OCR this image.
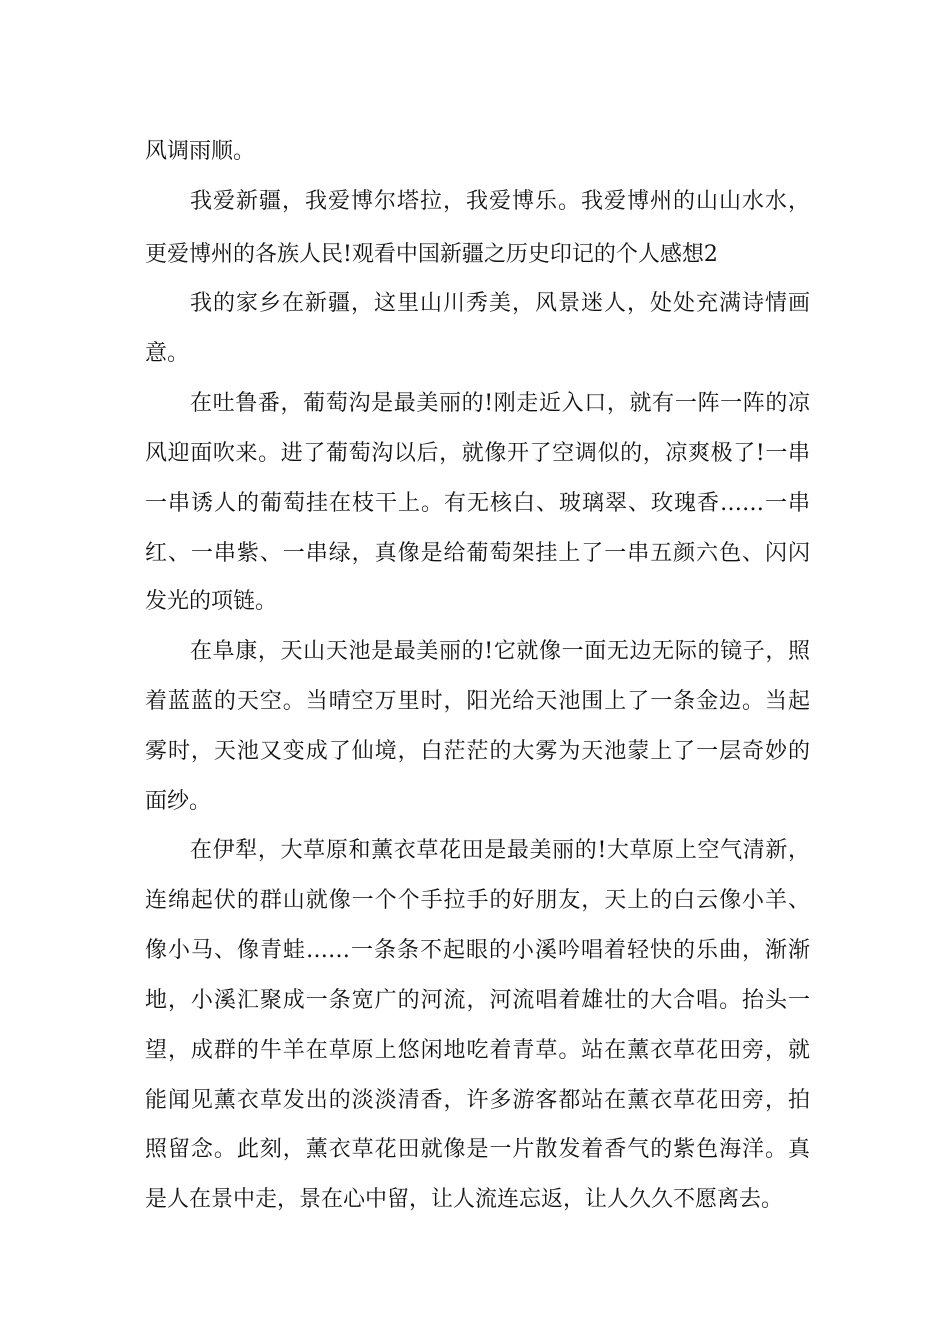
风调雨顺。
我爱新疆，我爱博尔塔拉，我爱博乐。我爱博州的山山水水，
更爱博州的各族人民!观看中国新疆之历史印记的个人感想2
我的家乡在新疆，这里山川秀美，风景迷人，处处充满诗情画
意。
在吐鲁番，葡萄沟是最美丽的!刚走近入口，就有一阵一阵的凉
风迎面吹来。进了葡萄沟以后，就像开了空调似的，凉爽极了!一串
一串诱人的葡萄挂在枝干上。有无核白、玻璃翠、玫瑰香……一串
红、一串紫、一串绿，真像是给葡萄架挂上了一串五颜六色、闪闪
发光的项链。
在阜康，天山天池是最美丽的!它就像一面无边无际的镜子，照
着蓝蓝的天空。当晴空万里时，阳光给天池围上了一条金边。当起
雾时，天池又变成了仙境，白茫茫的大雾为天池蒙上了一层奇妙的
面纱。
在伊犁，大草原和薰衣草花田是最美丽的!大草原上空气清新，
连绵起伏的群山就像一个个手拉手的好朋友，天上的白云像小羊、
像小马、像青蛙……一条条不起眼的小溪吟唱着轻快的乐曲，渐渐
地，小溪汇聚成一条宽广的河流，河流唱着雄壮的大合唱。抬头一
望，成群的牛羊在草原上悠闲地吃着青草。站在薰衣草花田旁，就
能闻见薰衣草发出的淡淡清香，许多游客都站在薰衣草花田旁，拍
照留念。此刻，薰衣草花田就像是一片散发着香气的紫色海洋。真
是人在景中走，景在心中留，让人流连忘返，让人久久不愿离去。
